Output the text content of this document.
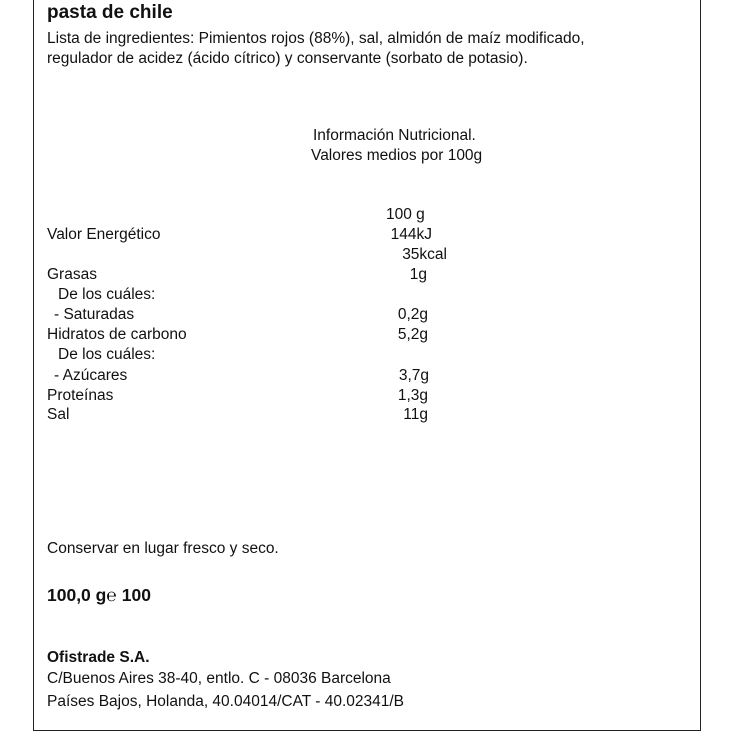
pasta de chile
Lista de ingredientes: Pimientos rojos (88%), sal, almidón de maíz modificado,
regulador de acidez (ácido cítrico) y conservante (sorbato de potasio).
Información Nutricional.
Valores medios por 100g
100 g
Valor Energético	144kJ
35kcal
Grasas	1g
De los cuáles:
- Saturadas	0,2g
Hidratos de carbono	5,2g
De los cuáles:
- Azúcares	3,7g
Proteínas	1,3g
Sal	11g
Conservar en lugar fresco y seco.
100,0 g℮ 100
Ofistrade S.A.
C/Buenos Aires 38-40, entlo. C - 08036 Barcelona
Países Bajos, Holanda, 40.04014/CAT - 40.02341/B
